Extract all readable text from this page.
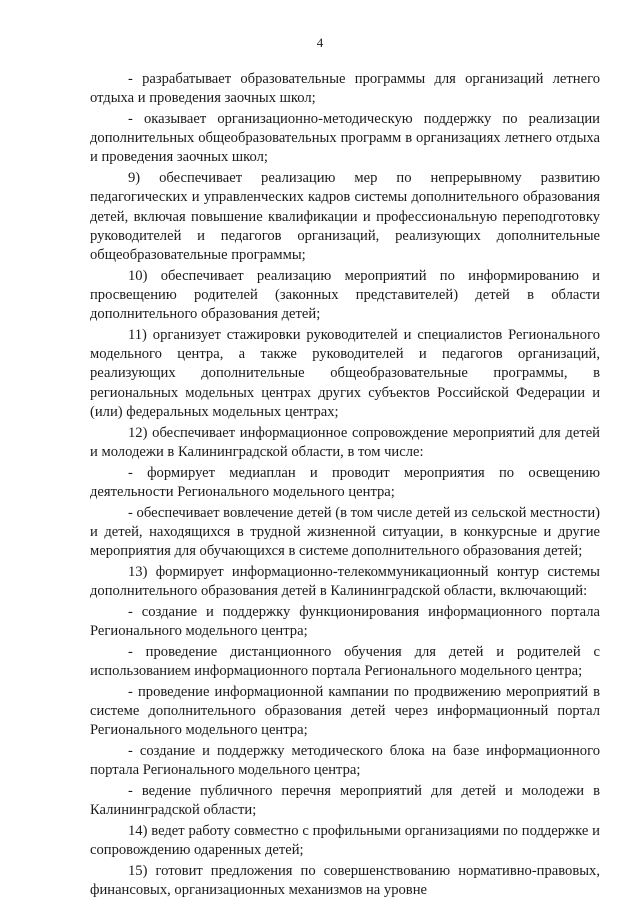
4

- разрабатывает образовательные программы для организаций летнего отдыха и проведения заочных школ;

- оказывает организационно-методическую поддержку по реализации дополнительных общеобразовательных программ в организациях летнего отдыха и проведения заочных школ;

9) обеспечивает реализацию мер по непрерывному развитию педагогических и управленческих кадров системы дополнительного образования детей, включая повышение квалификации и профессиональную переподготовку руководителей и педагогов организаций, реализующих дополнительные общеобразовательные программы;

10) обеспечивает реализацию мероприятий по информированию и просвещению родителей (законных представителей) детей в области дополнительного образования детей;

11) организует стажировки руководителей и специалистов Регионального модельного центра, а также руководителей и педагогов организаций, реализующих дополнительные общеобразовательные программы, в региональных модельных центрах других субъектов Российской Федерации и (или) федеральных модельных центрах;

12) обеспечивает информационное сопровождение мероприятий для детей и молодежи в Калининградской области, в том числе:

- формирует медиаплан и проводит мероприятия по освещению деятельности Регионального модельного центра;

- обеспечивает вовлечение детей (в том числе детей из сельской местности) и детей, находящихся в трудной жизненной ситуации, в конкурсные и другие мероприятия для обучающихся в системе дополнительного образования детей;

13) формирует информационно-телекоммуникационный контур системы дополнительного образования детей в Калининградской области, включающий:

- создание и поддержку функционирования информационного портала Регионального модельного центра;

- проведение дистанционного обучения для детей и родителей с использованием информационного портала Регионального модельного центра;

- проведение информационной кампании по продвижению мероприятий в системе дополнительного образования детей через информационный портал Регионального модельного центра;

- создание и поддержку методического блока на базе информационного портала Регионального модельного центра;

- ведение публичного перечня мероприятий для детей и молодежи в Калининградской области;

14) ведет работу совместно с профильными организациями по поддержке и сопровождению одаренных детей;

15) готовит предложения по совершенствованию нормативно-правовых, финансовых, организационных механизмов на уровне
